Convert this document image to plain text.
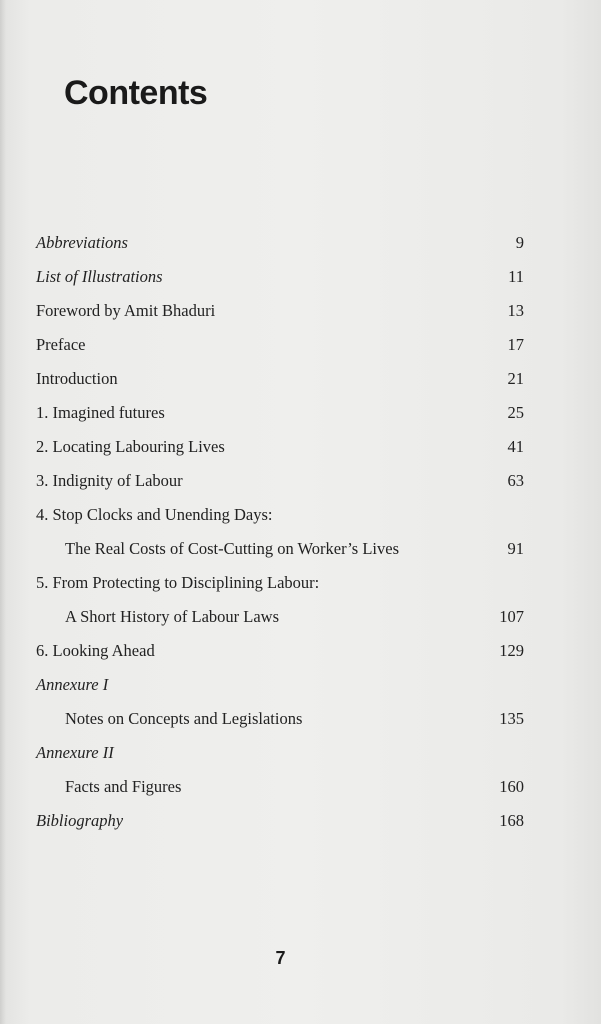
Contents
Abbreviations	9
List of Illustrations	11
Foreword by Amit Bhaduri	13
Preface	17
Introduction	21
1. Imagined futures	25
2. Locating Labouring Lives	41
3. Indignity of Labour	63
4. Stop Clocks and Unending Days:
The Real Costs of Cost-Cutting on Worker’s Lives	91
5. From Protecting to Disciplining Labour:
A Short History of Labour Laws	107
6. Looking Ahead	129
Annexure I
Notes on Concepts and Legislations	135
Annexure II
Facts and Figures	160
Bibliography	168
7
